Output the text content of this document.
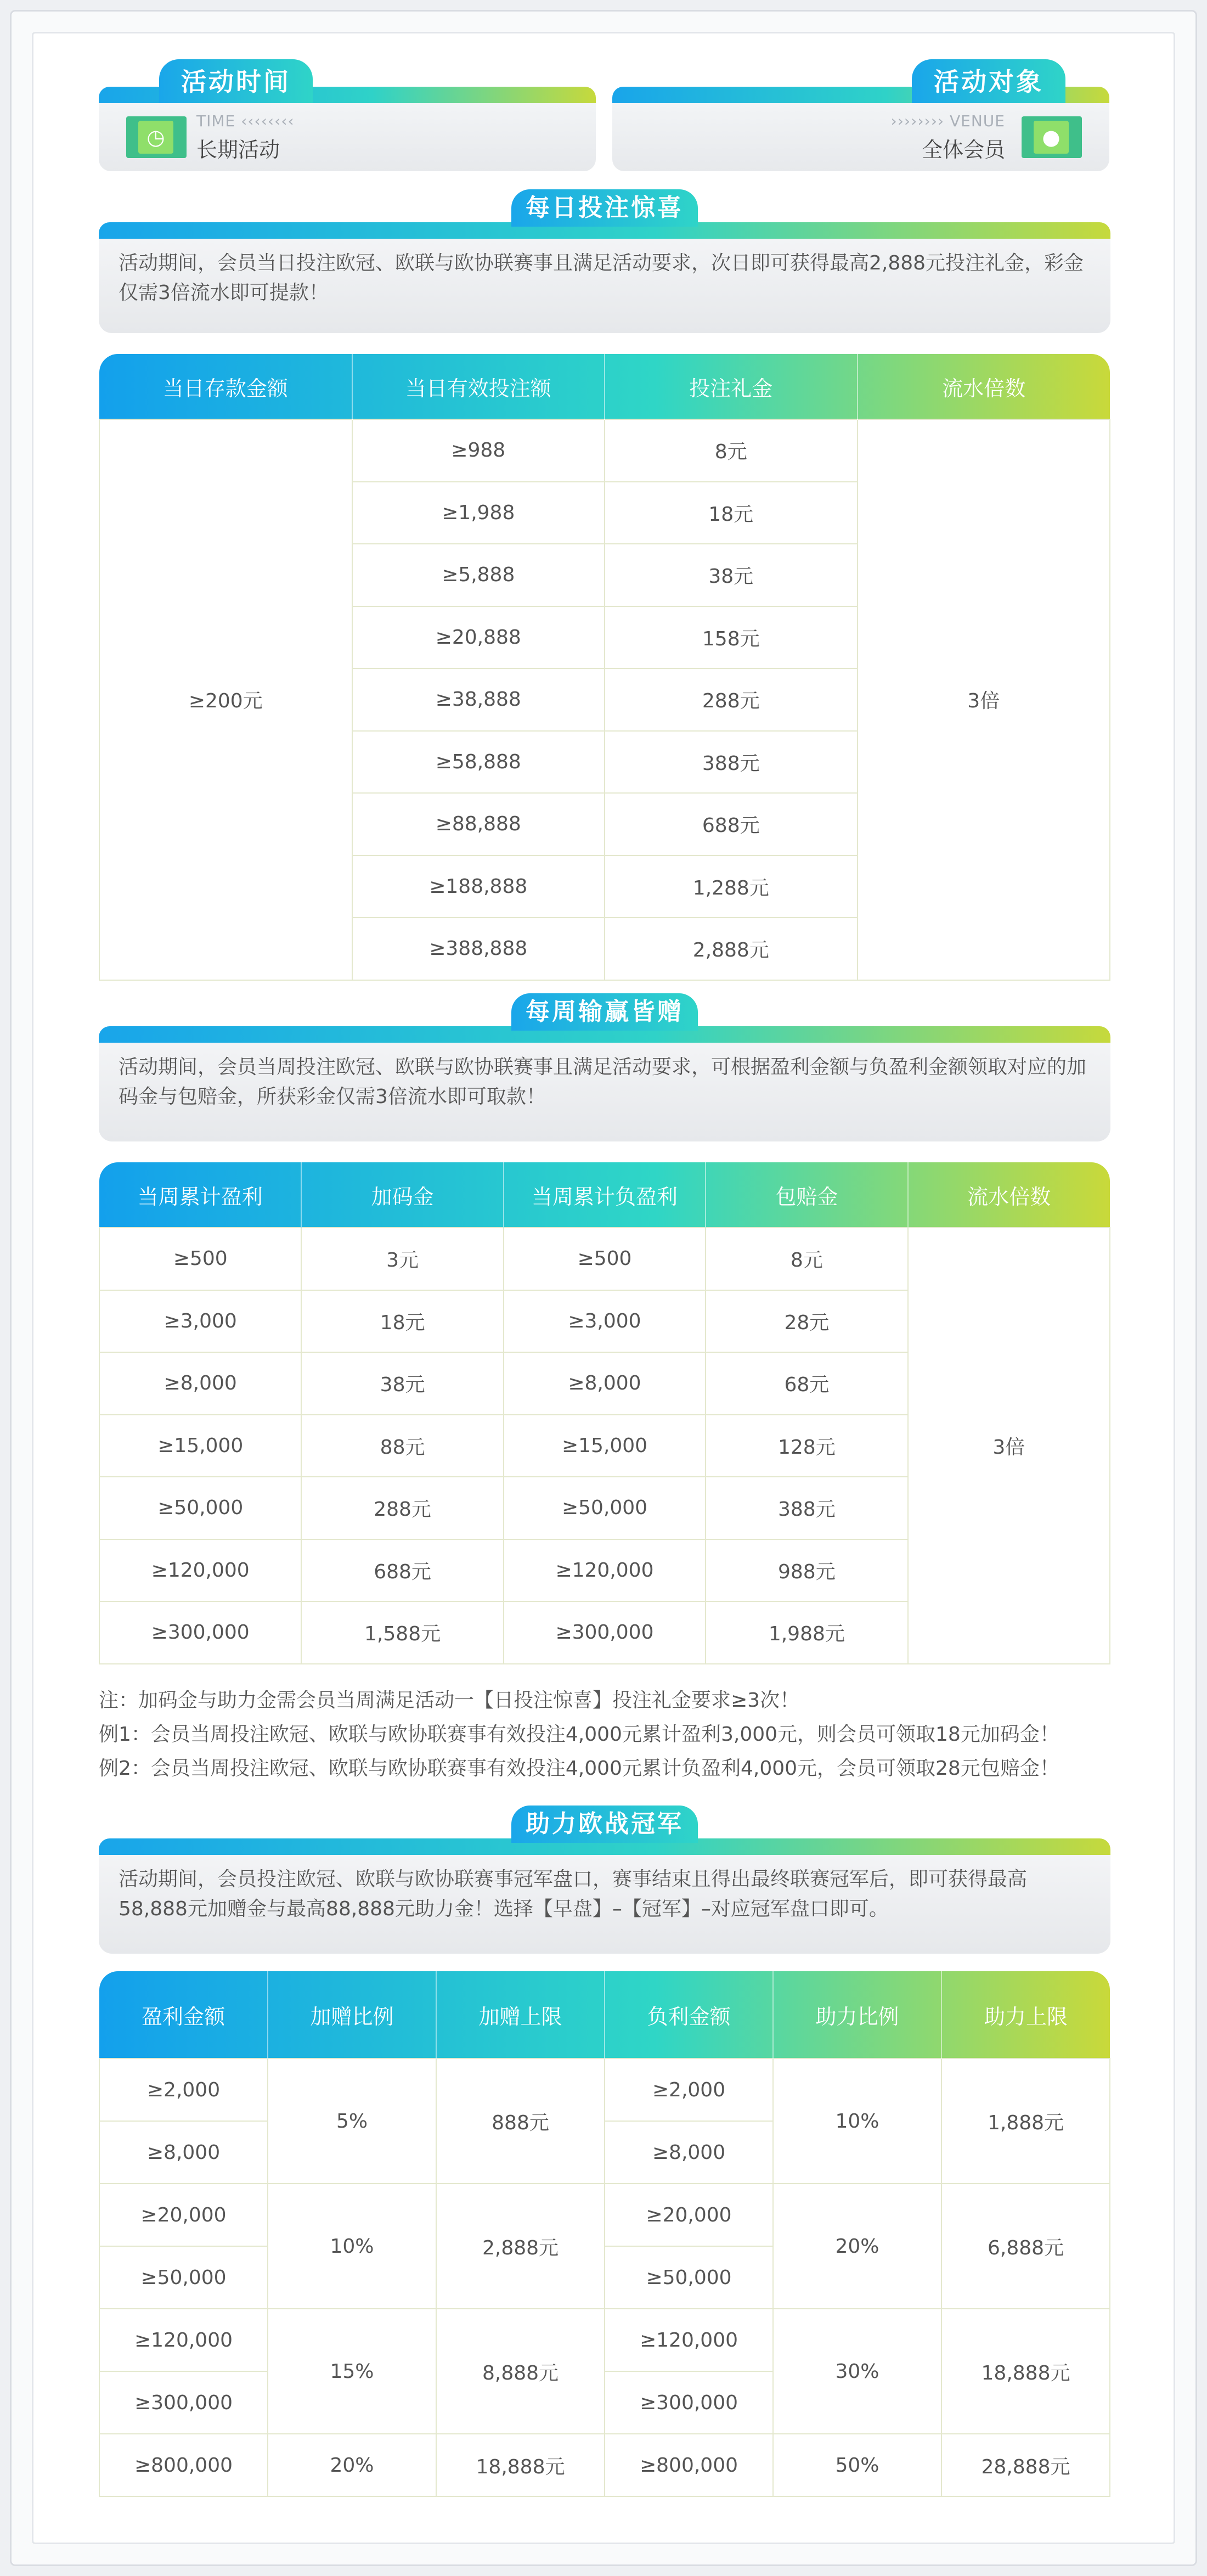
活动时间
◷
TIME ‹‹‹‹‹‹‹‹
长期活动
活动对象
●
›››››››› VENUE
全体会员
每日投注惊喜
活动期间，会员当日投注欧冠、欧联与欧协联赛事且满足活动要求，次日即可获得最高2,888元投注礼金，彩金仅需3倍流水即可提款！
当日存款金额	当日有效投注额	投注礼金	流水倍数
≥200元	≥988	8元	3倍
	≥1,988	18元	
	≥5,888	38元	
	≥20,888	158元	
	≥38,888	288元	
	≥58,888	388元	
	≥88,888	688元	
	≥188,888	1,288元	
	≥388,888	2,888元	
每周输赢皆赠
活动期间，会员当周投注欧冠、欧联与欧协联赛事且满足活动要求，可根据盈利金额与负盈利金额领取对应的加码金与包赔金，所获彩金仅需3倍流水即可取款！
当周累计盈利	加码金	当周累计负盈利	包赔金	流水倍数
≥500	3元	≥500	8元	3倍
≥3,000	18元	≥3,000	28元	
≥8,000	38元	≥8,000	68元	
≥15,000	88元	≥15,000	128元	
≥50,000	288元	≥50,000	388元	
≥120,000	688元	≥120,000	988元	
≥300,000	1,588元	≥300,000	1,988元	
注：加码金与助力金需会员当周满足活动一【日投注惊喜】投注礼金要求≥3次！
例1：会员当周投注欧冠、欧联与欧协联赛事有效投注4,000元累计盈利3,000元，则会员可领取18元加码金！
例2：会员当周投注欧冠、欧联与欧协联赛事有效投注4,000元累计负盈利4,000元，会员可领取28元包赔金！
助力欧战冠军
活动期间，会员投注欧冠、欧联与欧协联赛事冠军盘口，赛事结束且得出最终联赛冠军后，即可获得最高58,888元加赠金与最高88,888元助力金！选择【早盘】–【冠军】–对应冠军盘口即可。
盈利金额	加赠比例	加赠上限	负利金额	助力比例	助力上限
≥2,000	5%	888元	≥2,000	10%	1,888元
≥8,000			≥8,000		
≥20,000	10%	2,888元	≥20,000	20%	6,888元
≥50,000			≥50,000		
≥120,000	15%	8,888元	≥120,000	30%	18,888元
≥300,000			≥300,000		
≥800,000	20%	18,888元	≥800,000	50%	28,888元
